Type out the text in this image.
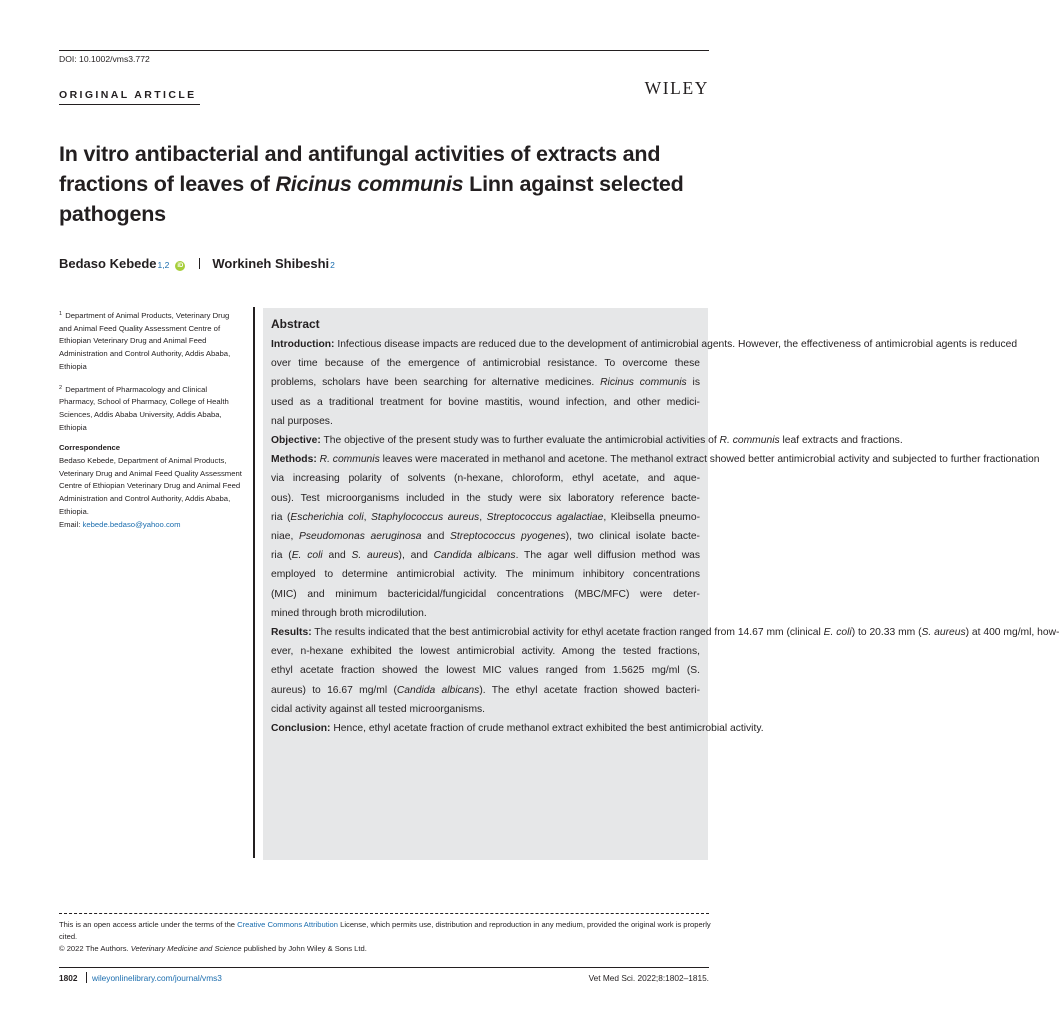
DOI: 10.1002/vms3.772
WILEY
ORIGINAL ARTICLE
In vitro antibacterial and antifungal activities of extracts and
fractions of leaves of Ricinus communis Linn against selected
pathogens
Bedaso Kebede 1,2	iD Workineh Shibeshi 2
$^1$ Department of Animal Products, Veterinary Drug and Animal Feed Quality Assessment Centre of Ethiopian Veterinary Drug and Animal Feed Administration and Control Authority, Addis Ababa, Ethiopia
$^2$ Department of Pharmacology and Clinical Pharmacy, School of Pharmacy, College of Health Sciences, Addis Ababa University, Addis Ababa, Ethiopia
Correspondence
Bedaso Kebede, Department of Animal Products, Veterinary Drug and Animal Feed Quality Assessment Centre of Ethiopian Veterinary Drug and Animal Feed Administration and Control Authority, Addis Ababa, Ethiopia.
Email: kebede.bedaso@yahoo.com
Abstract
Introduction: Infectious disease impacts are reduced due to the development of antimicrobial agents. However, the effectiveness of antimicrobial agents is reduced
over time because of the emergence of antimicrobial resistance. To overcome these
problems, scholars have been searching for alternative medicines. Ricinus communis is
used as a traditional treatment for bovine mastitis, wound infection, and other medici-
nal purposes.
Objective: The objective of the present study was to further evaluate the antimicrobial activities of R. communis leaf extracts and fractions.
Methods: R. communis leaves were macerated in methanol and acetone. The methanol extract showed better antimicrobial activity and subjected to further fractionation
via increasing polarity of solvents (n-hexane, chloroform, ethyl acetate, and aque-
ous). Test microorganisms included in the study were six laboratory reference bacte-
ria (Escherichia coli, Staphylococcus aureus, Streptococcus agalactiae, Kleibsella pneumo-
niae, Pseudomonas aeruginosa and Streptococcus pyogenes), two clinical isolate bacte-
ria (E. coli and S. aureus), and Candida albicans. The agar well diffusion method was
employed to determine antimicrobial activity. The minimum inhibitory concentrations
(MIC) and minimum bactericidal/fungicidal concentrations (MBC/MFC) were deter-
mined through broth microdilution.
Results: The results indicated that the best antimicrobial activity for ethyl acetate fraction ranged from 14.67 mm (clinical E. coli) to 20.33 mm (S. aureus) at 400 mg/ml, how-
ever, n-hexane exhibited the lowest antimicrobial activity. Among the tested fractions,
ethyl acetate fraction showed the lowest MIC values ranged from 1.5625 mg/ml (S.
aureus) to 16.67 mg/ml (Candida albicans). The ethyl acetate fraction showed bacteri-
cidal activity against all tested microorganisms.
Conclusion: Hence, ethyl acetate fraction of crude methanol extract exhibited the best antimicrobial activity.
This is an open access article under the terms of the Creative Commons Attribution License, which permits use, distribution and reproduction in any medium, provided the original work is properly cited.
© 2022 The Authors. Veterinary Medicine and Science published by John Wiley & Sons Ltd.
1802 wileyonlinelibrary.com/journal/vms3	Vet Med Sci. 2022;8:1802–1815.
